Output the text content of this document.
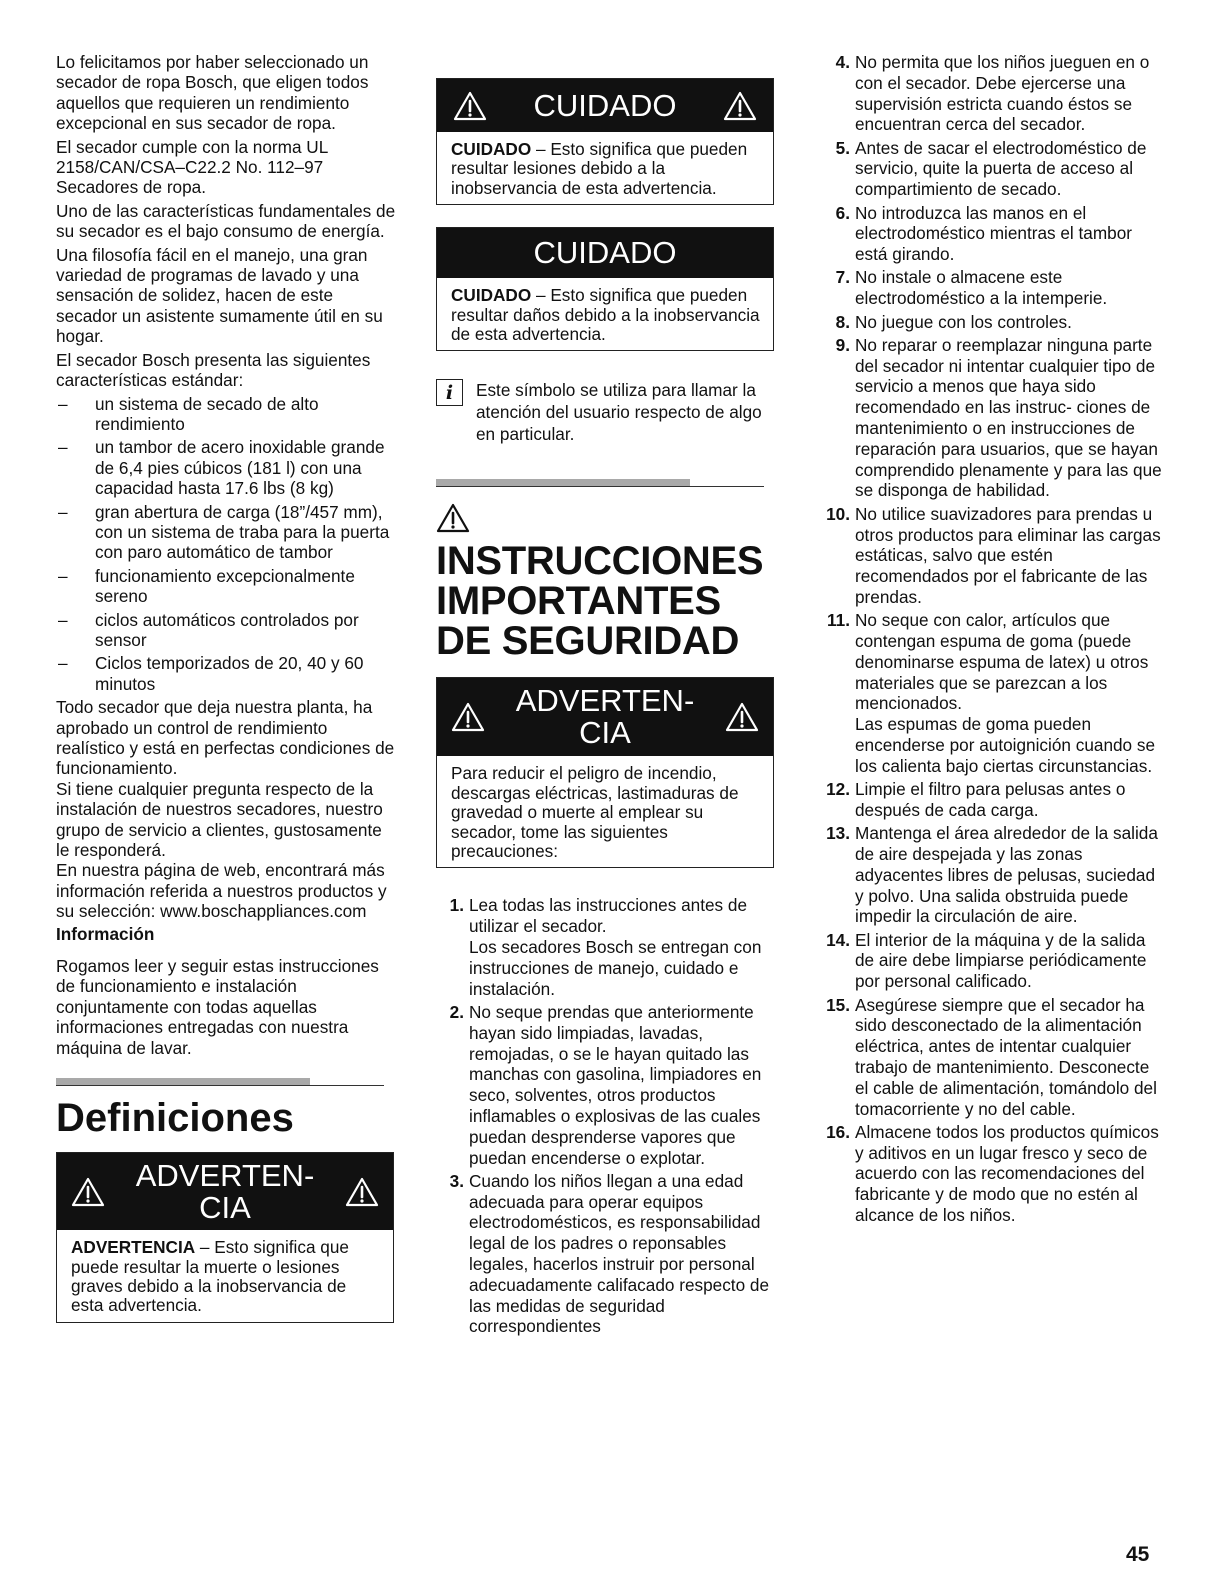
Lo felicitamos por haber seleccionado un secador de ropa Bosch, que eligen todos aquellos que requieren un rendimiento excepcional en sus secador de ropa.

El secador cumple con la norma UL 2158/CAN/CSA–C22.2 No. 112–97 Secadores de ropa.

Uno de las características fundamentales de su secador es el bajo consumo de energía.

Una filosofía fácil en el manejo, una gran variedad de programas de lavado y una sensación de solidez, hacen de este secador un asistente sumamente útil en su hogar.

El secador Bosch presenta las siguientes características estándar:

– un sistema de secado de alto rendimiento
– un tambor de acero inoxidable grande de 6,4 pies cúbicos (181 l) con una capacidad hasta 17.6 lbs (8 kg)
– gran abertura de carga (18”/457 mm), con un sistema de traba para la puerta con paro automático de tambor
– funcionamiento excepcionalmente sereno
– ciclos automáticos controlados por sensor
– Ciclos temporizados de 20, 40 y 60 minutos

Todo secador que deja nuestra planta, ha aprobado un control de rendimiento realístico y está en perfectas condiciones de funcionamiento.

Si tiene cualquier pregunta respecto de la instalación de nuestros secadores, nuestro grupo de servicio a clientes, gustosamente le responderá.

En nuestra página de web, encontrará más información referida a nuestros productos y su selección: www.boschappliances.com

Información

Rogamos leer y seguir estas instrucciones de funcionamiento e instalación conjuntamente con todas aquellas informaciones entregadas con nuestra máquina de lavar.

Definiciones
ADVERTEN-
CIA
ADVERTENCIA – Esto significa que puede resultar la muerte o lesiones graves debido a la inobservancia de esta advertencia.
CUIDADO
CUIDADO – Esto significa que pueden resultar lesiones debido a la inobservancia de esta advertencia.
CUIDADO
CUIDADO – Esto significa que pueden resultar daños debido a la inobservancia de esta advertencia.
i	Este símbolo se utiliza para llamar la atención del usuario respecto de algo en particular.
INSTRUCCIONES
IMPORTANTES
DE SEGURIDAD
ADVERTEN-
CIA
Para reducir el peligro de incendio, descargas eléctricas, lastimaduras de gravedad o muerte al emplear su secador, tome las siguientes precauciones:
1. Lea todas las instrucciones antes de utilizar el secador.
Los secadores Bosch se entregan con instrucciones de manejo, cuidado e instalación.
2. No seque prendas que anteriormente hayan sido limpiadas, lavadas, remojadas, o se le hayan quitado las manchas con gasolina, limpiadores en seco, solventes, otros productos inflamables o explosivas de las cuales puedan desprenderse vapores que puedan encenderse o explotar.
3. Cuando los niños llegan a una edad adecuada para operar equipos electrodomésticos, es responsabilidad legal de los padres o reponsables legales, hacerlos instruir por personal adecuadamente califacado respecto de las medidas de seguridad correspondientes
4. No permita que los niños jueguen en o con el secador. Debe ejercerse una supervisión estricta cuando éstos se encuentran cerca del secador.
5. Antes de sacar el electrodoméstico de servicio, quite la puerta de acceso al compartimiento de secado.
6. No introduzca las manos en el electrodoméstico mientras el tambor está girando.
7. No instale o almacene este electrodoméstico a la intemperie.
8. No juegue con los controles.
9. No reparar o reemplazar ninguna parte del secador ni intentar cualquier tipo de servicio a menos que haya sido recomendado en las instruc- ciones de mantenimiento o en instrucciones de reparación para usuarios, que se hayan comprendido plenamente y para las que se disponga de habilidad.
10. No utilice suavizadores para prendas u otros productos para eliminar las cargas estáticas, salvo que estén recomendados por el fabricante de las prendas.
11. No seque con calor, artículos que contengan espuma de goma (puede denominarse espuma de latex) u otros materiales que se parezcan a los mencionados.
Las espumas de goma pueden encenderse por autoignición cuando se los calienta bajo ciertas circunstancias.
12. Limpie el filtro para pelusas antes o después de cada carga.
13. Mantenga el área alrededor de la salida de aire despejada y las zonas adyacentes libres de pelusas, suciedad y polvo. Una salida obstruida puede impedir la circulación de aire.
14. El interior de la máquina y de la salida de aire debe limpiarse periódicamente por personal calificado.
15. Asegúrese siempre que el secador ha sido desconectado de la alimentación eléctrica, antes de intentar cualquier trabajo de mantenimiento. Desconecte el cable de alimentación, tomándolo del tomacorriente y no del cable.
16. Almacene todos los productos químicos y aditivos en un lugar fresco y seco de acuerdo con las recomendaciones del fabricante y de modo que no estén al alcance de los niños.
45
